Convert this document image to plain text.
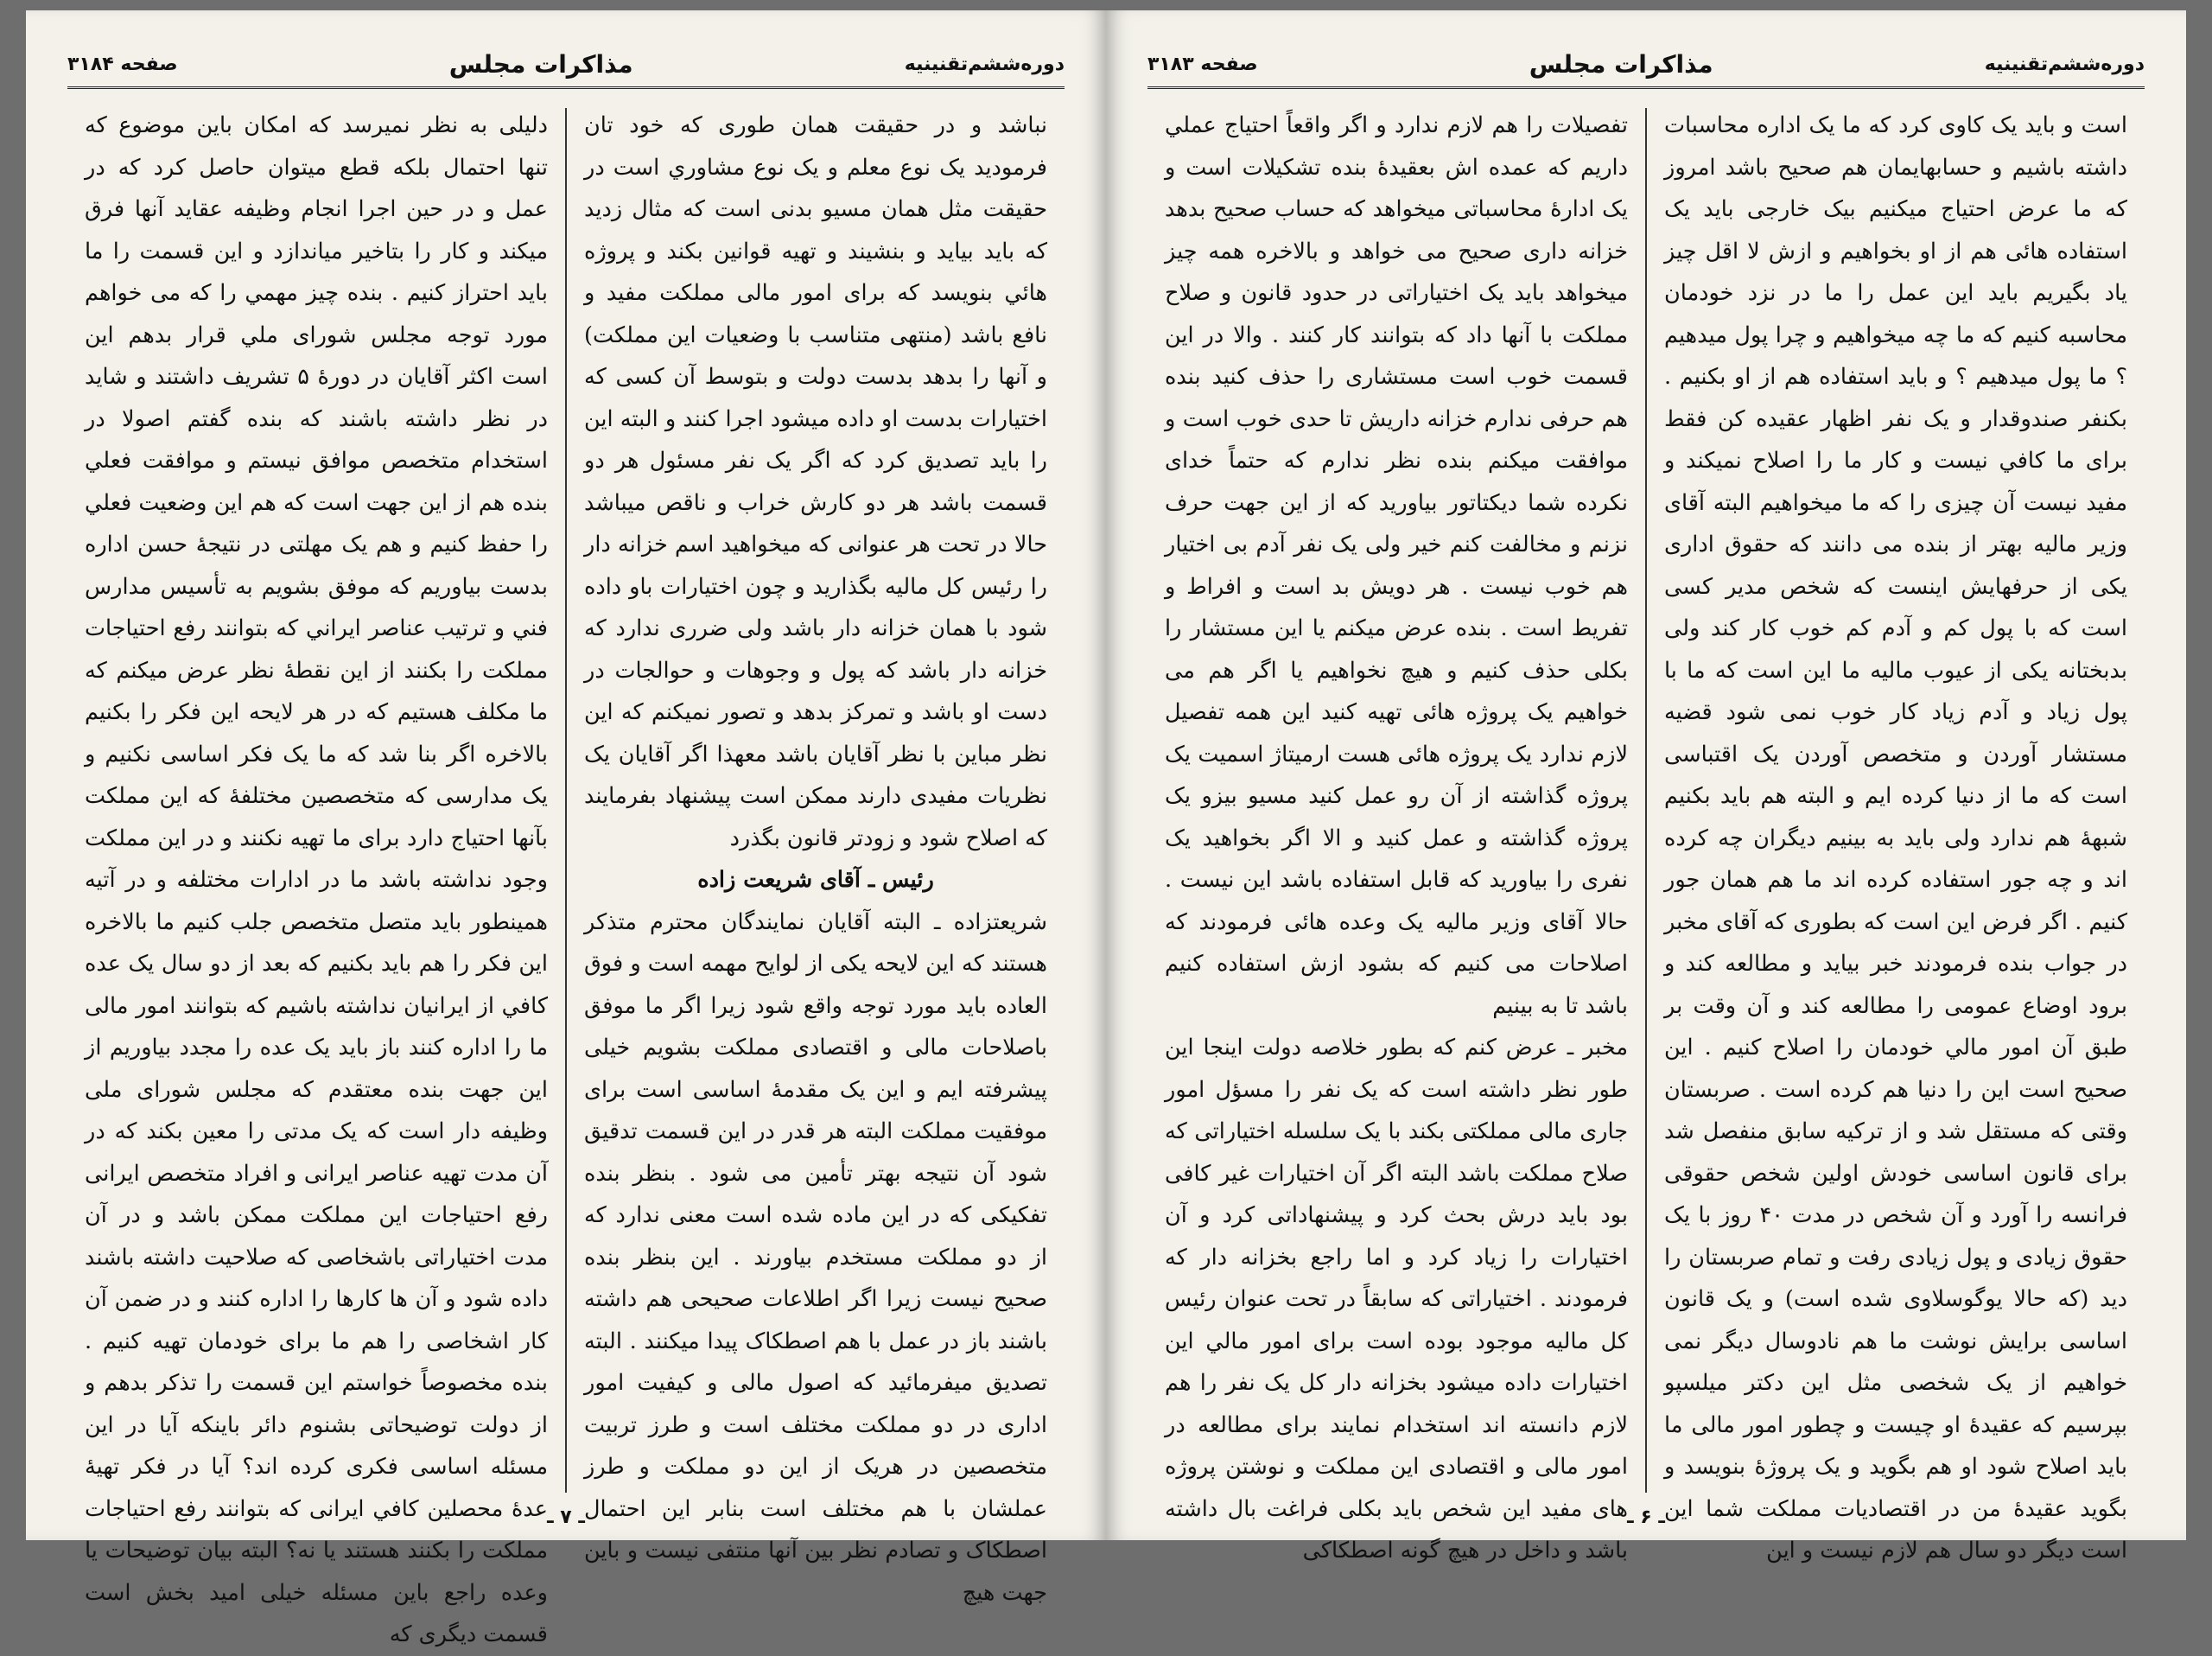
دوره‌ششم‌تقنینیه
مذاکرات مجلس
صفحه ۳۱۸۴

نباشد و در حقیقت همان طوری که خود تان فرمودید یک نوع معلم و یک نوع مشاوري است در حقیقت مثل همان مسیو بدنی است که مثال زدید که باید بیاید و بنشیند و تهیه قوانین بکند و پروژه هائي بنویسد که برای امور مالی مملکت مفید و نافع باشد (منتهی متناسب با وضعیات این مملکت) و آنها را بدهد بدست دولت و بتوسط آن کسی که اختیارات بدست او داده میشود اجرا کنند و البته این را باید تصدیق کرد که اگر یک نفر مسئول هر دو قسمت باشد هر دو کارش خراب و ناقص میباشد حالا در تحت هر عنوانی که میخواهید اسم خزانه دار را رئیس کل مالیه بگذارید و چون اختیارات باو داده شود با همان خزانه دار باشد ولی ضرری ندارد که خزانه دار باشد که پول و وجوهات و حوالجات در دست او باشد و تمرکز بدهد و تصور نمیکنم که این نظر مباین با نظر آقایان باشد معهذا اگر آقایان یک نظریات مفیدی دارند ممکن است پیشنهاد بفرمایند که اصلاح شود و زودتر قانون بگذرد

رئیس ـ آقای شریعت زاده

شریعتزاده ـ البته آقایان نمایندگان محترم متذکر هستند که این لایحه یکی از لوایح مهمه است و فوق العاده باید مورد توجه واقع شود زیرا اگر ما موفق باصلاحات مالی و اقتصادی مملکت بشویم خیلی پیشرفته ایم و این یک مقدمهٔ اساسی است برای موفقیت مملکت البته هر قدر در این قسمت تدقیق شود آن نتیجه بهتر تأمین می شود . بنظر بنده تفکیکی که در این ماده شده است معنی ندارد که از دو مملکت مستخدم بیاورند . این بنظر بنده صحیح نیست زیرا اگر اطلاعات صحیحی هم داشته باشند باز در عمل با هم اصطکاک پیدا میکنند . البته تصدیق میفرمائید که اصول مالی و کیفیت امور اداری در دو مملکت مختلف است و طرز تربیت متخصصین در هریک از این دو مملکت و طرز عملشان با هم مختلف است بنابر این احتمال اصطکاک و تصادم نظر بین آنها منتفی نیست و باین جهت هیچ

دلیلی به نظر نمیرسد که امکان باین موضوع که تنها احتمال بلکه قطع میتوان حاصل کرد که در عمل و در حین اجرا انجام وظیفه عقاید آنها فرق میکند و کار را بتاخیر میاندازد و این قسمت را ما باید احتراز کنیم . بنده چیز مهمي را که می خواهم مورد توجه مجلس شورای ملي قرار بدهم این است اکثر آقایان در دورهٔ ۵ تشریف داشتند و شاید در نظر داشته باشند که بنده گفتم اصولا در استخدام متخصص موافق نیستم و موافقت فعلي بنده هم از این جهت است که هم این وضعیت فعلي را حفظ کنیم و هم یک مهلتی در نتیجهٔ حسن اداره بدست بیاوریم که موفق بشویم به تأسیس مدارس فني و ترتیب عناصر ایراني که بتوانند رفع احتیاجات مملکت را بکنند از این نقطهٔ نظر عرض میکنم که ما مکلف هستیم که در هر لایحه این فکر را بکنیم بالاخره اگر بنا شد که ما یک فکر اساسی نکنیم و یک مدارسی که متخصصین مختلفهٔ که این مملکت بآنها احتیاج دارد برای ما تهیه نکنند و در این مملکت وجود نداشته باشد ما در ادارات مختلفه و در آتیه همینطور باید متصل متخصص جلب کنیم ما بالاخره این فکر را هم باید بکنیم که بعد از دو سال یک عده کافي از ایرانیان نداشته باشیم که بتوانند امور مالی ما را اداره کنند باز باید یک عده را مجدد بیاوریم از این جهت بنده معتقدم که مجلس شورای ملی وظیفه دار است که یک مدتی را معین بکند که در آن مدت تهیه عناصر ایرانی و افراد متخصص ایرانی رفع احتیاجات این مملکت ممکن باشد و در آن مدت اختیاراتی باشخاصی که صلاحیت داشته باشند داده شود و آن ها کارها را اداره کنند و در ضمن آن کار اشخاصی را هم ما برای خودمان تهیه کنیم . بنده مخصوصاً خواستم این قسمت را تذکر بدهم و از دولت توضیحاتی بشنوم دائر باینکه آیا در این مسئله اساسی فکری کرده اند؟ آیا در فکر تهیهٔ عدهٔ محصلین کافي ایرانی که بتوانند رفع احتیاجات مملکت را بکنند هستند یا نه؟ البته بیان توضیحات یا وعده راجع باین مسئله خیلی امید بخش است قسمت دیگری که

ـ ۷ ـ
دوره‌ششم‌تقنینیه
مذاکرات مجلس
صفحه ۳۱۸۳

است و باید یک کاوی کرد که ما یک اداره محاسبات داشته باشیم و حسابهایمان هم صحیح باشد امروز که ما عرض احتیاج میکنیم بیک خارجی باید یک استفاده هائی هم از او بخواهیم و ازش لا اقل چیز یاد بگیریم باید این عمل را ما در نزد خودمان محاسبه کنیم که ما چه میخواهیم و چرا پول میدهیم ؟ ما پول میدهیم ؟ و باید استفاده هم از او بکنیم . بکنفر صندوقدار و یک نفر اظهار عقیده کن فقط برای ما کافي نیست و کار ما را اصلاح نمیکند و مفید نیست آن چیزی را که ما میخواهیم البته آقای وزیر مالیه بهتر از بنده می دانند که حقوق اداری یکی از حرفهایش اینست که شخص مدیر کسی است که با پول کم و آدم کم خوب کار کند ولی بدبختانه یکی از عیوب مالیه ما این است که ما با پول زیاد و آدم زیاد کار خوب نمی شود قضیه مستشار آوردن و متخصص آوردن یک اقتباسی است که ما از دنیا کرده ایم و البته هم باید بکنیم شبههٔ هم ندارد ولی باید به بینیم دیگران چه کرده اند و چه جور استفاده کرده اند ما هم همان جور کنیم . اگر فرض این است که بطوری که آقای مخبر در جواب بنده فرمودند خبر بیاید و مطالعه کند و برود اوضاع عمومی را مطالعه کند و آن وقت بر طبق آن امور مالي خودمان را اصلاح کنیم . این صحیح است این را دنیا هم کرده است . صربستان وقتی که مستقل شد و از ترکیه سابق منفصل شد برای قانون اساسی خودش اولین شخص حقوقی فرانسه را آورد و آن شخص در مدت ۴۰ روز با یک حقوق زیادی و پول زیادی رفت و تمام صربستان را دید (که حالا یوگوسلاوی شده است) و یک قانون اساسی برایش نوشت ما هم نادوسال دیگر نمی خواهیم از یک شخصی مثل این دکتر میلسپو بپرسیم که عقیدهٔ او چیست و چطور امور مالی ما باید اصلاح شود او هم بگوید و یک پروژهٔ بنویسد و بگوید عقیدهٔ من در اقتصادیات مملکت شما این است دیگر دو سال هم لازم نیست و این

تفصیلات را هم لازم ندارد و اگر واقعاً احتیاج عملي داریم که عمده اش بعقیدهٔ بنده تشکیلات است و یک ادارهٔ محاسباتی میخواهد که حساب صحیح بدهد خزانه داری صحیح می خواهد و بالاخره همه چیز میخواهد باید یک اختیاراتی در حدود قانون و صلاح مملکت با آنها داد که بتوانند کار کنند . والا در این قسمت خوب است مستشاری را حذف کنید بنده هم حرفی ندارم خزانه داریش تا حدی خوب است و موافقت میکنم بنده نظر ندارم که حتماً خدای نکرده شما دیکتاتور بیاورید که از این جهت حرف نزنم و مخالفت کنم خیر ولی یک نفر آدم بی اختیار هم خوب نیست . هر دویش بد است و افراط و تفریط است . بنده عرض میکنم یا این مستشار را بکلی حذف کنیم و هیچ نخواهیم یا اگر هم می خواهیم یک پروژه هائی تهیه کنید این همه تفصیل لازم ندارد یک پروژه هائی هست ارمیتاژ اسمیت یک پروژه گذاشته از آن رو عمل کنید مسیو بیزو یک پروژه گذاشته و عمل کنید و الا اگر بخواهید یک نفری را بیاورید که قابل استفاده باشد این نیست . حالا آقای وزیر مالیه یک وعده هائی فرمودند که اصلاحات می کنیم که بشود ازش استفاده کنیم باشد تا به بینیم

مخبر ـ عرض کنم که بطور خلاصه دولت اینجا این طور نظر داشته است که یک نفر را مسؤل امور جاری مالی مملکتی بکند با یک سلسله اختیاراتی که صلاح مملکت باشد البته اگر آن اختیارات غیر کافی بود باید درش بحث کرد و پیشنهاداتی کرد و آن اختیارات را زیاد کرد و اما راجع بخزانه دار که فرمودند . اختیاراتی که سابقاً در تحت عنوان رئیس کل مالیه موجود بوده است برای امور مالي این اختیارات داده میشود بخزانه دار کل یک نفر را هم لازم دانسته اند استخدام نمایند برای مطالعه در امور مالی و اقتصادی این مملکت و نوشتن پروژه های مفید این شخص باید بکلی فراغت بال داشته باشد و داخل در هیچ گونه اصطکاکی

ـ ۶ ـ
